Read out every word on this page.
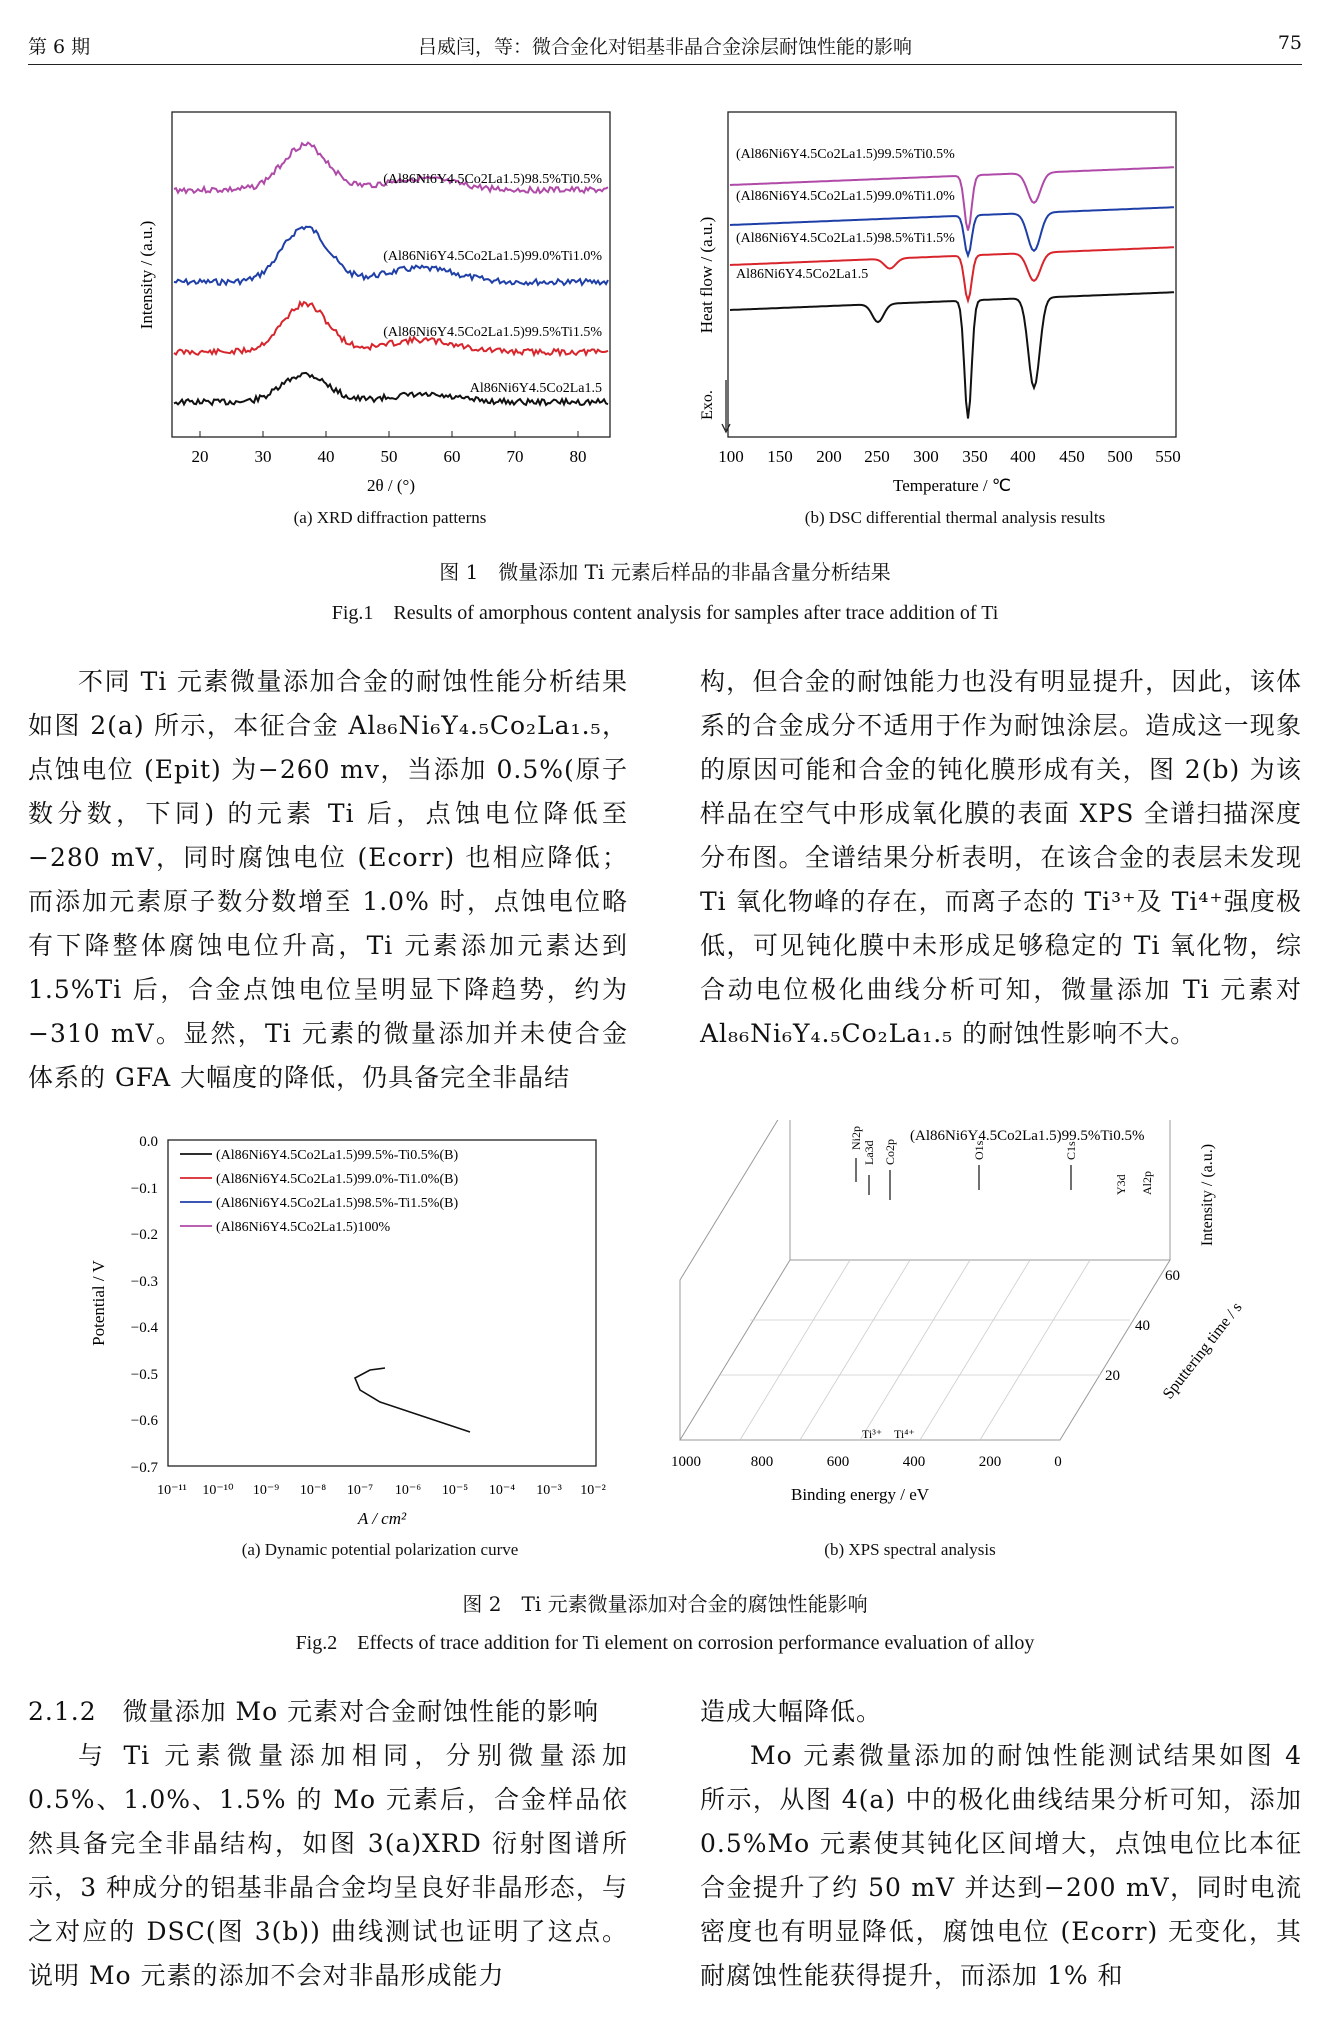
第 6 期	吕威闫，等：微合金化对铝基非晶合金涂层耐蚀性能的影响	75
20	30	40	50	60	70	80
2θ / (°)
Intensity / (a.u.)
(Al86Ni6Y4.5Co2La1.5)98.5%Ti0.5%
(Al86Ni6Y4.5Co2La1.5)99.0%Ti1.0%
(Al86Ni6Y4.5Co2La1.5)99.5%Ti1.5%
Al86Ni6Y4.5Co2La1.5
100 150 200 250 300 350 400 450 500 550
Temperature / ℃
Heat flow / (a.u.)
Exo.
(Al86Ni6Y4.5Co2La1.5)99.5%Ti0.5%
(Al86Ni6Y4.5Co2La1.5)99.0%Ti1.0%
(Al86Ni6Y4.5Co2La1.5)98.5%Ti1.5%
Al86Ni6Y4.5Co2La1.5
(a) XRD diffraction patterns	(b) DSC differential thermal analysis results
图 1　微量添加 Ti 元素后样品的非晶含量分析结果
Fig.1　Results of amorphous content analysis for samples after trace addition of Ti

不同 Ti 元素微量添加合金的耐蚀性能分析结果如图 2(a) 所示，本征合金 Al₈₆Ni₆Y₄.₅Co₂La₁.₅，点蚀电位 (Epit) 为−260 mv，当添加 0.5%(原子数分数，下同) 的元素 Ti 后，点蚀电位降低至−280 mV，同时腐蚀电位 (Ecorr) 也相应降低；而添加元素原子数分数增至 1.0% 时，点蚀电位略有下降整体腐蚀电位升高，Ti 元素添加元素达到 1.5%Ti 后，合金点蚀电位呈明显下降趋势，约为−310 mV。显然，Ti 元素的微量添加并未使合金体系的 GFA 大幅度的降低，仍具备完全非晶结

构，但合金的耐蚀能力也没有明显提升，因此，该体系的合金成分不适用于作为耐蚀涂层。造成这一现象的原因可能和合金的钝化膜形成有关，图 2(b) 为该样品在空气中形成氧化膜的表面 XPS 全谱扫描深度分布图。全谱结果分析表明，在该合金的表层未发现 Ti 氧化物峰的存在，而离子态的 Ti³⁺及 Ti⁴⁺强度极低，可见钝化膜中未形成足够稳定的 Ti 氧化物，综合动电位极化曲线分析可知，微量添加 Ti 元素对 Al₈₆Ni₆Y₄.₅Co₂La₁.₅ 的耐蚀性影响不大。

0.0
−0.1
−0.2
−0.3
−0.4
−0.5
−0.6
−0.7
10⁻¹¹ 10⁻¹⁰ 10⁻⁹ 10⁻⁸ 10⁻⁷ 10⁻⁶ 10⁻⁵ 10⁻⁴ 10⁻³ 10⁻²
A / cm²
Potential / V
(Al86Ni6Y4.5Co2La1.5)99.5%-Ti0.5%(B)
(Al86Ni6Y4.5Co2La1.5)99.0%-Ti1.0%(B)
(Al86Ni6Y4.5Co2La1.5)98.5%-Ti1.5%(B)
(Al86Ni6Y4.5Co2La1.5)100%
1000	800	600	400	200	0
Binding energy / eV
60
40
20 Sputtering time / s
Intensity / (a.u.)
(Al86Ni6Y4.5Co2La1.5)99.5%Ti0.5%
Ni2p
La3d Co2p	O1s	C1s
Y3d Al2p
Ti³⁺ Ti⁴⁺
(a) Dynamic potential polarization curve	(b) XPS spectral analysis
图 2　Ti 元素微量添加对合金的腐蚀性能影响
Fig.2　Effects of trace addition for Ti element on corrosion performance evaluation of alloy

2.1.2　微量添加 Mo 元素对合金耐蚀性能的影响

与 Ti 元素微量添加相同，分别微量添加 0.5%、1.0%、1.5% 的 Mo 元素后，合金样品依然具备完全非晶结构，如图 3(a)XRD 衍射图谱所示，3 种成分的铝基非晶合金均呈良好非晶形态，与之对应的 DSC(图 3(b)) 曲线测试也证明了这点。说明 Mo 元素的添加不会对非晶形成能力

造成大幅降低。

Mo 元素微量添加的耐蚀性能测试结果如图 4 所示，从图 4(a) 中的极化曲线结果分析可知，添加 0.5%Mo 元素使其钝化区间增大，点蚀电位比本征合金提升了约 50 mV 并达到−200 mV，同时电流密度也有明显降低，腐蚀电位 (Ecorr) 无变化，其耐腐蚀性能获得提升，而添加 1% 和
